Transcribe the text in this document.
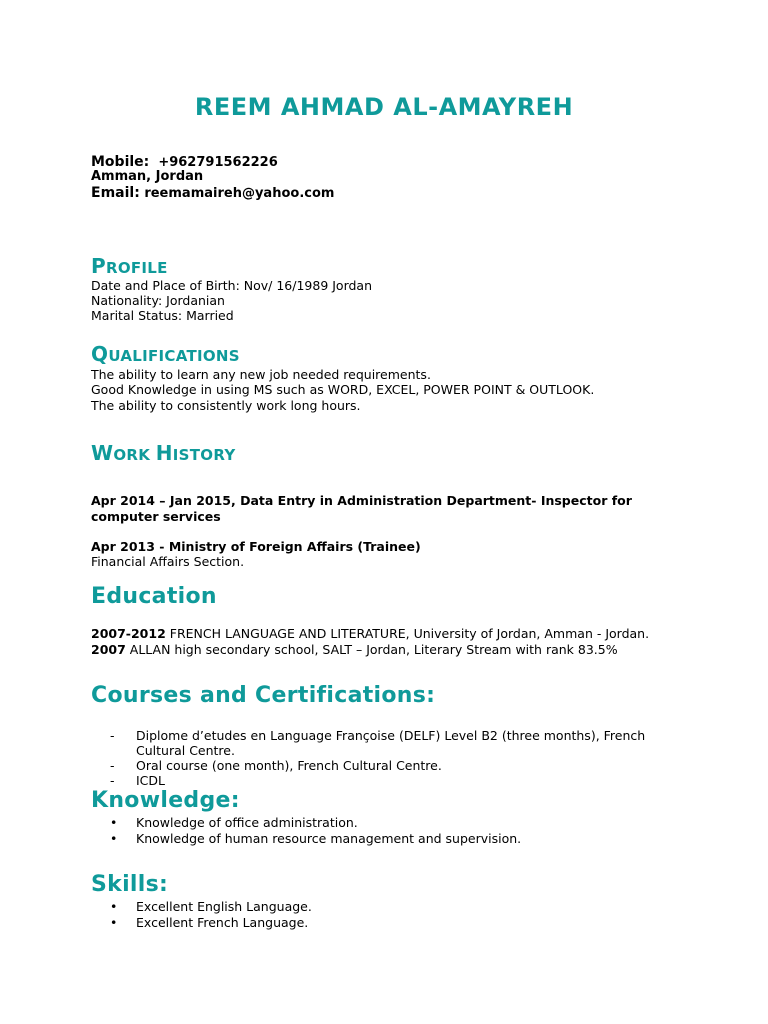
REEM AHMAD AL-AMAYREH
Mobile: +962791562226
Amman, Jordan
Email: reemamaireh@yahoo.com
PROFILE
Date and Place of Birth: Nov/ 16/1989 Jordan
Nationality: Jordanian
Marital Status: Married
QUALIFICATIONS
The ability to learn any new job needed requirements.
Good Knowledge in using MS such as WORD, EXCEL, POWER POINT & OUTLOOK.
The ability to consistently work long hours.
WORK HISTORY
Apr 2014 – Jan 2015, Data Entry in Administration Department- Inspector for computer services
Apr 2013 - Ministry of Foreign Affairs (Trainee)
Financial Affairs Section.
Education
2007-2012 FRENCH LANGUAGE AND LITERATURE, University of Jordan, Amman - Jordan.
2007 ALLAN high secondary school, SALT – Jordan, Literary Stream with rank 83.5%
Courses and Certifications:
- Diplome d’etudes en Language Françoise (DELF) Level B2 (three months), French Cultural Centre.
- Oral course (one month), French Cultural Centre.
- ICDL
Knowledge:
• Knowledge of office administration.
• Knowledge of human resource management and supervision.
Skills:
• Excellent English Language.
• Excellent French Language.
